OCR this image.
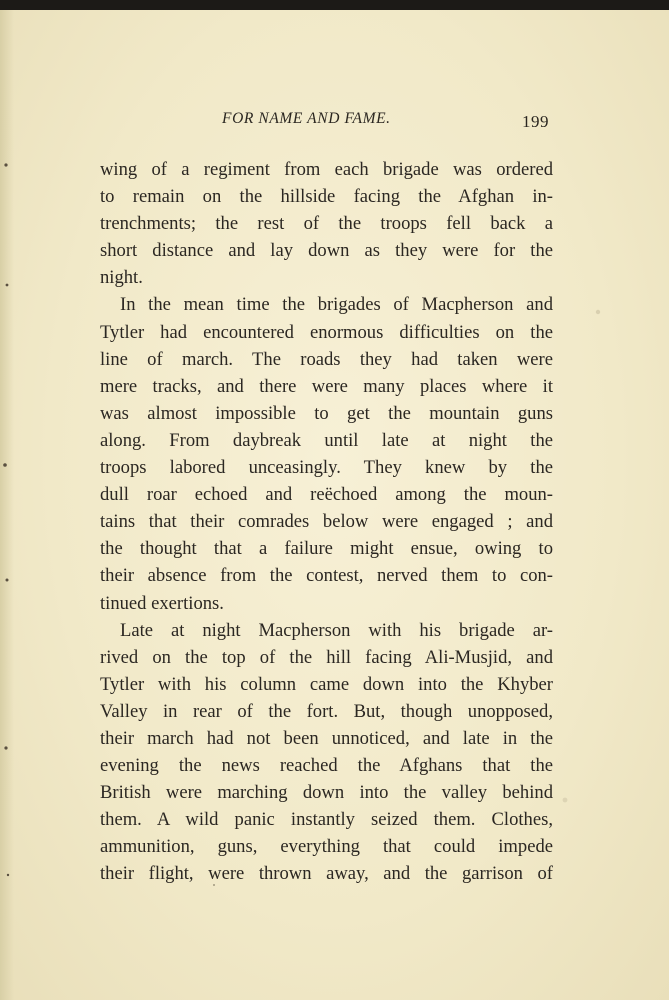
FOR NAME AND FAME.	199
wing of a regiment from each brigade was ordered
to remain on the hillside facing the Afghan in-
trenchments; the rest of the troops fell back a
short distance and lay down as they were for the
night.
In the mean time the brigades of Macpherson and
Tytler had encountered enormous difficulties on the
line of march. The roads they had taken were
mere tracks, and there were many places where it
was almost impossible to get the mountain guns
along. From daybreak until late at night the
troops labored unceasingly. They knew by the
dull roar echoed and reëchoed among the moun-
tains that their comrades below were engaged ; and
the thought that a failure might ensue, owing to
their absence from the contest, nerved them to con-
tinued exertions.
Late at night Macpherson with his brigade ar-
rived on the top of the hill facing Ali-Musjid, and
Tytler with his column came down into the Khyber
Valley in rear of the fort. But, though unopposed,
their march had not been unnoticed, and late in the
evening the news reached the Afghans that the
British were marching down into the valley behind
them. A wild panic instantly seized them. Clothes,
ammunition, guns, everything that could impede
their flight, were thrown away, and the garrison of
